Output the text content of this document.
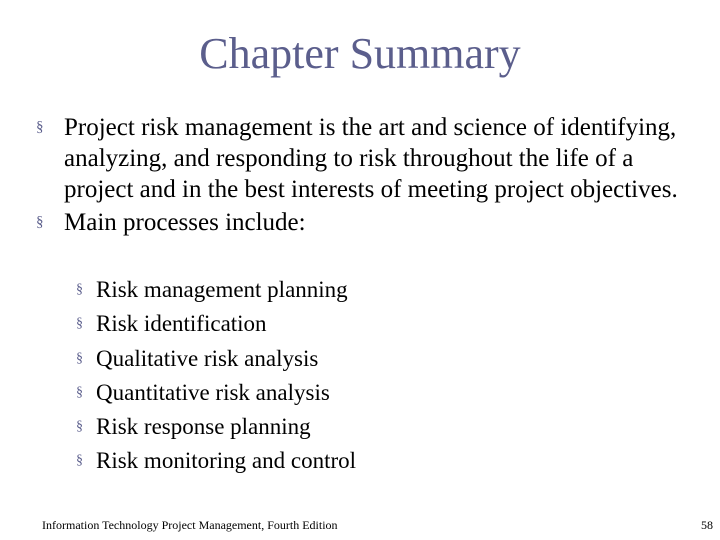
Chapter Summary
§ Project risk management is the art and science of identifying, analyzing, and responding to risk throughout the life of a project and in the best interests of meeting project objectives.
§ Main processes include:
§ Risk management planning
§ Risk identification
§ Qualitative risk analysis
§ Quantitative risk analysis
§ Risk response planning
§ Risk monitoring and control
Information Technology Project Management, Fourth Edition	58
